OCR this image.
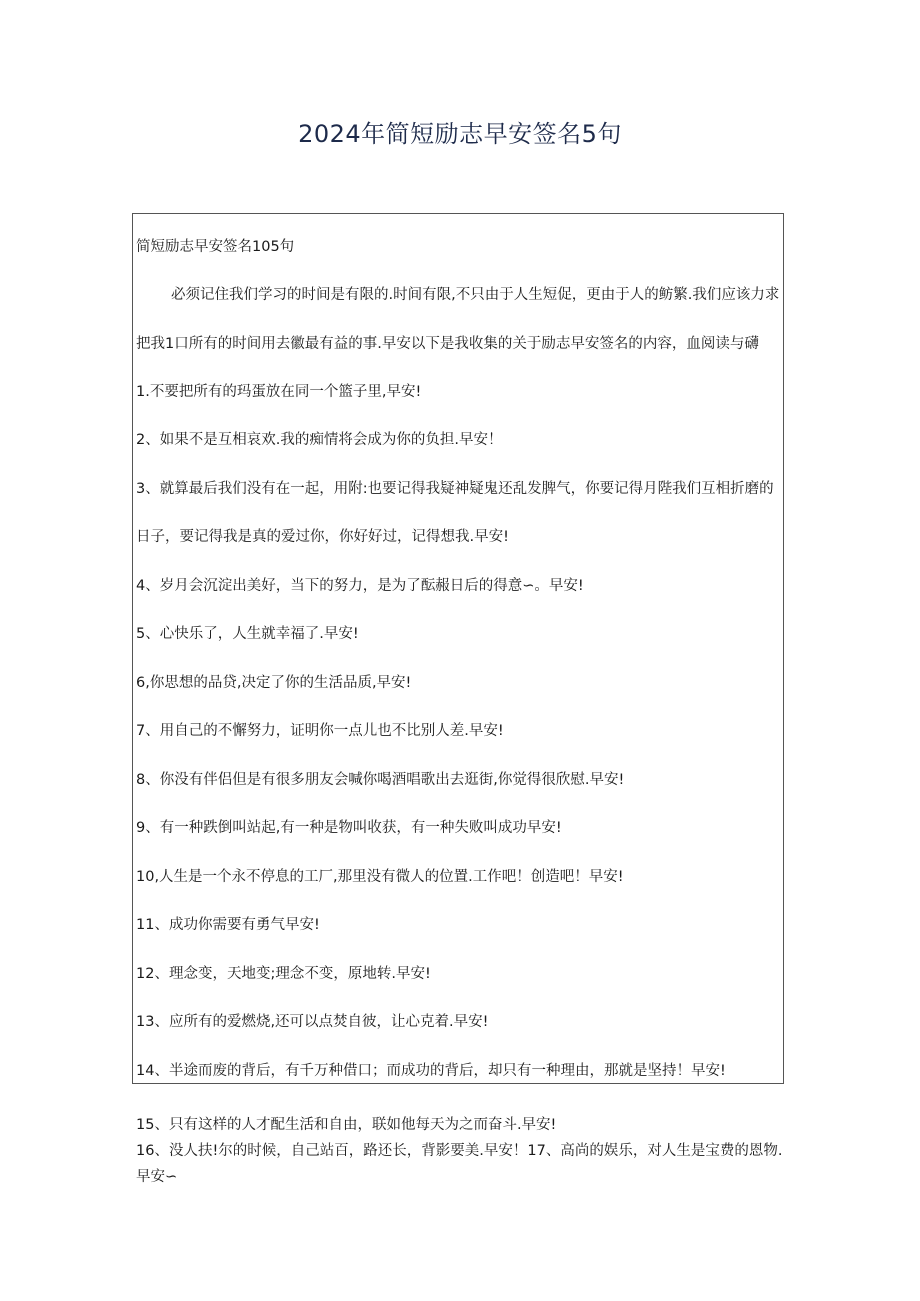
2024年简短励志早安签名5句
简短励志早安签名105句
必须记住我们学习的时间是有限的.时间有限,不只由于人生短促，更由于人的鲂繁.我们应该力求
把我1口所有的时间用去徽最有益的事.早安以下是我收集的关于励志早安签名的内容，血阅读与礴
1.不要把所有的玛蛋放在同一个篮子里,早安!
2、如果不是互相哀欢.我的痴情将会成为你的负担.早安！
3、就算最后我们没有在一起，用附:也要记得我疑神疑鬼还乱发脾气，你要记得月陛我们互相折磨的
日子，要记得我是真的爱过你，你好好过，记得想我.早安!
4、岁月会沉淀出美好，当下的努力，是为了酝赧日后的得意∽。早安!
5、心快乐了，人生就幸福了.早安!
6,你思想的品贷,决定了你的生活品质,早安!
7、用自己的不懈努力，证明你一点儿也不比别人差.早安!
8、你没有伴侣但是有很多朋友会喊你喝酒唱歌出去逛街,你觉得很欣慰.早安!
9、有一种跌倒叫站起,有一种是物叫收获，有一种失败叫成功早安!
10,人生是一个永不停息的工厂,那里没有微人的位置.工作吧！创造吧！早安!
11、成功你需要有勇气早安!
12、理念变，天地变;理念不变，原地转.早安!
13、应所有的爱燃烧,还可以点焚自彼，让心克着.早安!
14、半途而废的背后，有千万种借口；而成功的背后，却只有一种理由，那就是坚持！早安!
15、只有这样的人才配生活和自由，联如他每天为之而奋斗.早安!
16、没人扶!尔的时候，自己站百，路还长，背影要美.早安！17、高尚的娱乐，对人生是宝费的恩物.
早安∽
